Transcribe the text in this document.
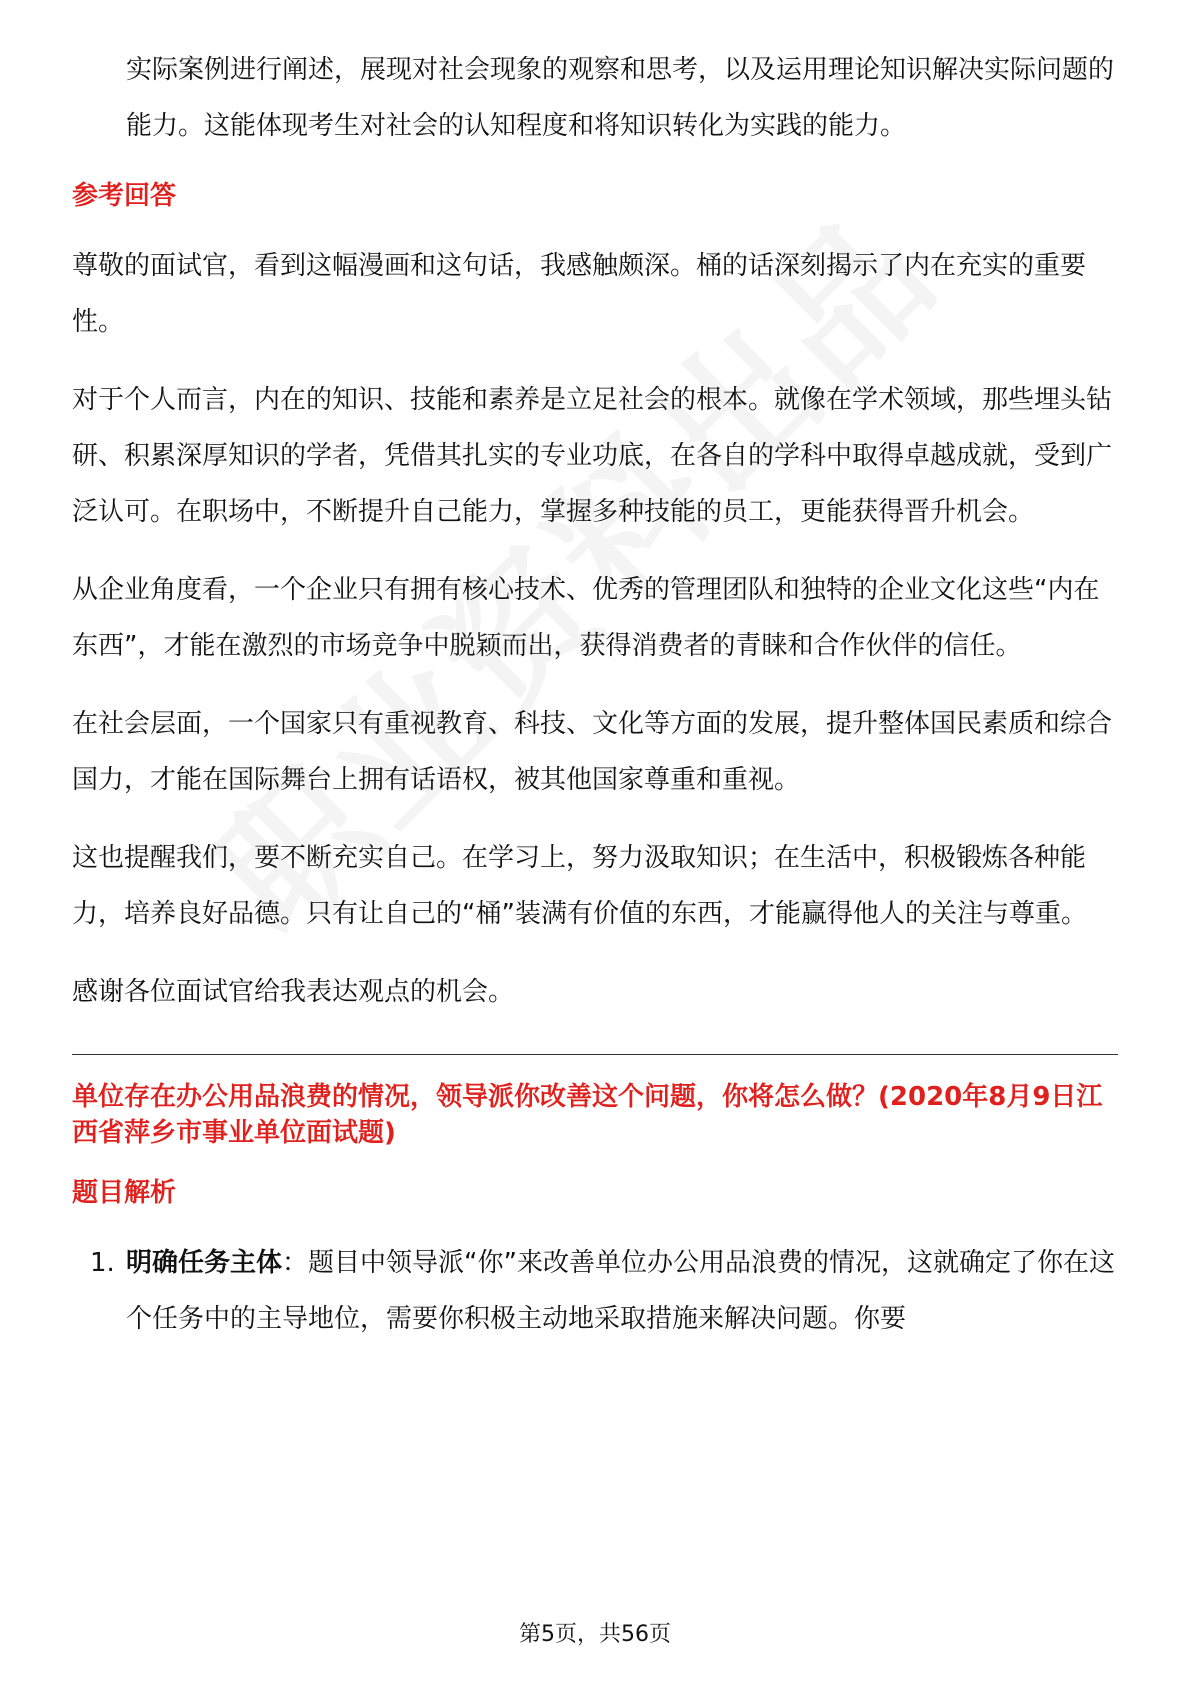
实际案例进行阐述，展现对社会现象的观察和思考，以及运用理论知识解决实际问题的能力。这能体现考生对社会的认知程度和将知识转化为实践的能力。

参考回答

尊敬的面试官，看到这幅漫画和这句话，我感触颇深。桶的话深刻揭示了内在充实的重要性。

对于个人而言，内在的知识、技能和素养是立足社会的根本。就像在学术领域，那些埋头钻研、积累深厚知识的学者，凭借其扎实的专业功底，在各自的学科中取得卓越成就，受到广泛认可。在职场中，不断提升自己能力，掌握多种技能的员工，更能获得晋升机会。

从企业角度看，一个企业只有拥有核心技术、优秀的管理团队和独特的企业文化这些“内在东西”，才能在激烈的市场竞争中脱颖而出，获得消费者的青睐和合作伙伴的信任。

在社会层面，一个国家只有重视教育、科技、文化等方面的发展，提升整体国民素质和综合国力，才能在国际舞台上拥有话语权，被其他国家尊重和重视。

这也提醒我们，要不断充实自己。在学习上，努力汲取知识；在生活中，积极锻炼各种能力，培养良好品德。只有让自己的“桶”装满有价值的东西，才能赢得他人的关注与尊重。

感谢各位面试官给我表达观点的机会。

单位存在办公用品浪费的情况，领导派你改善这个问题，你将怎么做？(2020年8月9日江西省萍乡市事业单位面试题)
题目解析
1. 明确任务主体：题目中领导派“你”来改善单位办公用品浪费的情况，这就确定了你在这个任务中的主导地位，需要你积极主动地采取措施来解决问题。你要
第5页，共56页
